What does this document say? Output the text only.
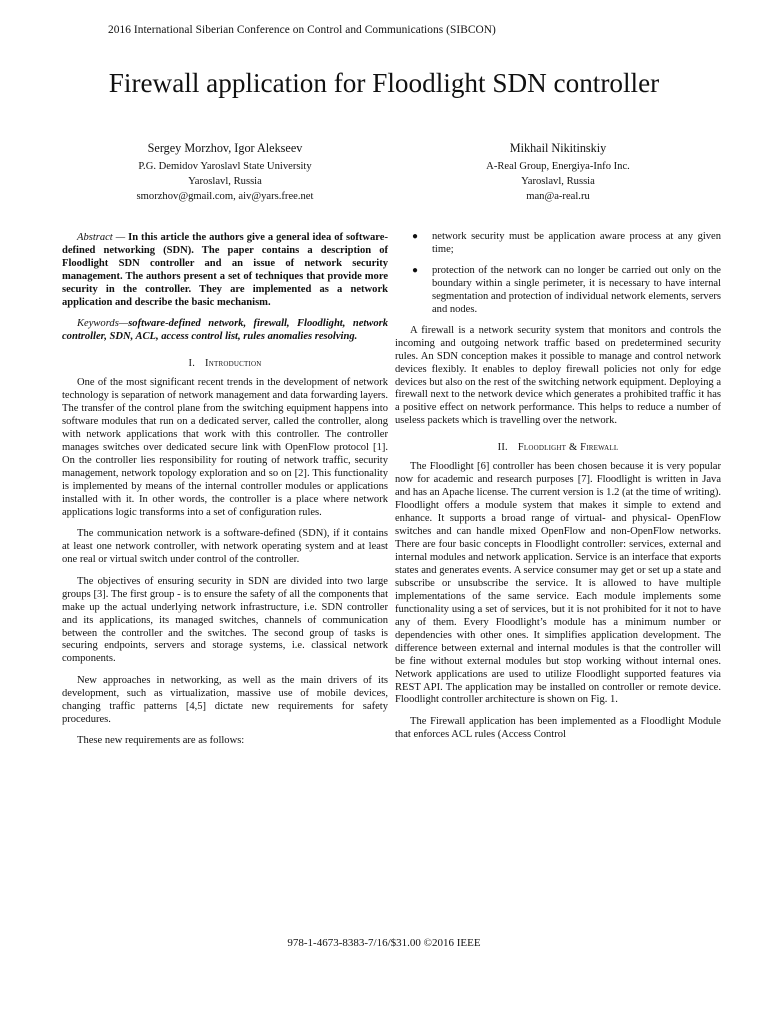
2016 International Siberian Conference on Control and Communications (SIBCON)
Firewall application for Floodlight SDN controller
Sergey Morzhov, Igor Alekseev
P.G. Demidov Yaroslavl State University
Yaroslavl, Russia
smorzhov@gmail.com, aiv@yars.free.net
Mikhail Nikitinskiy
A-Real Group, Energiya-Info Inc.
Yaroslavl, Russia
man@a-real.ru

Abstract — In this article the authors give a general idea of software-defined networking (SDN). The paper contains a description of Floodlight SDN controller and an issue of network security management. The authors present a set of techniques that provide more security in the controller. They are implemented as a network application and describe the basic mechanism.

Keywords—software-defined network, firewall, Floodlight, network controller, SDN, ACL, access control list, rules anomalies resolving.

I. Introduction

One of the most significant recent trends in the development of network technology is separation of network management and data forwarding layers. The transfer of the control plane from the switching equipment happens into software modules that run on a dedicated server, called the controller, along with network applications that work with this controller. The controller manages switches over dedicated secure link with OpenFlow protocol [1]. On the controller lies responsibility for routing of network traffic, security management, network topology exploration and so on [2]. This functionality is implemented by means of the internal controller modules or applications installed with it. In other words, the controller is a place where network applications logic transforms into a set of configuration rules.

The communication network is a software-defined (SDN), if it contains at least one network controller, with network operating system and at least one real or virtual switch under control of the controller.

The objectives of ensuring security in SDN are divided into two large groups [3]. The first group - is to ensure the safety of all the components that make up the actual underlying network infrastructure, i.e. SDN controller and its applications, its managed switches, channels of communication between the controller and the switches. The second group of tasks is securing endpoints, servers and storage systems, i.e. classical network components.

New approaches in networking, as well as the main drivers of its development, such as virtualization, massive use of mobile devices, changing traffic patterns [4,5] dictate new requirements for safety procedures.

These new requirements are as follows:

● network security must be application aware process at any given time;
● protection of the network can no longer be carried out only on the boundary within a single perimeter, it is necessary to have internal segmentation and protection of individual network elements, servers and nodes.

A firewall is a network security system that monitors and controls the incoming and outgoing network traffic based on predetermined security rules. An SDN conception makes it possible to manage and control network devices flexibly. It enables to deploy firewall policies not only for edge devices but also on the rest of the switching network equipment. Deploying a firewall next to the network device which generates a prohibited traffic it has a positive effect on network performance. This helps to reduce a number of useless packets which is travelling over the network.

II. Floodlight & Firewall

The Floodlight [6] controller has been chosen because it is very popular now for academic and research purposes [7]. Floodlight is written in Java and has an Apache license. The current version is 1.2 (at the time of writing). Floodlight offers a module system that makes it simple to extend and enhance. It supports a broad range of virtual- and physical- OpenFlow switches and can handle mixed OpenFlow and non-OpenFlow networks. There are four basic concepts in Floodlight controller: services, external and internal modules and network application. Service is an interface that exports states and generates events. A service consumer may get or set up a state and subscribe or unsubscribe the service. It is allowed to have multiple implementations of the same service. Each module implements some functionality using a set of services, but it is not prohibited for it not to have any of them. Every Floodlight’s module has a minimum number or dependencies with other ones. It simplifies application development. The difference between external and internal modules is that the controller will be fine without external modules but stop working without internal ones. Network applications are used to utilize Floodlight supported features via REST API. The application may be installed on controller or remote device. Floodlight controller architecture is shown on Fig. 1.

The Firewall application has been implemented as a Floodlight Module that enforces ACL rules (Access Control

978-1-4673-8383-7/16/$31.00 ©2016 IEEE
